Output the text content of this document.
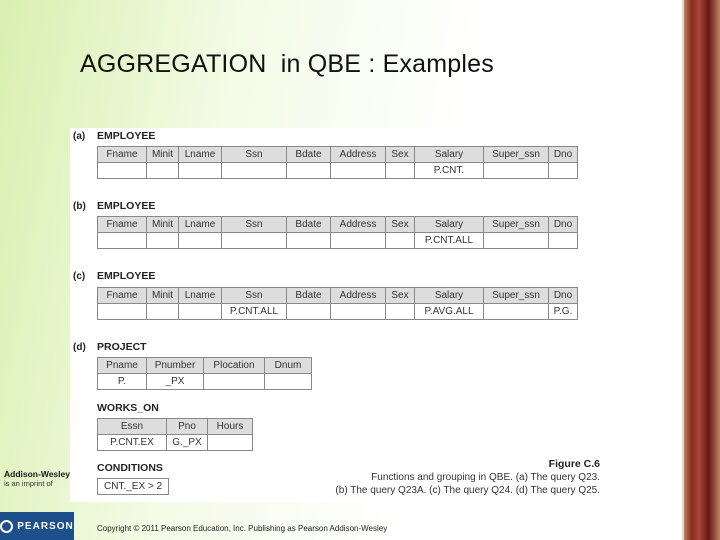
AGGREGATION  in QBE : Examples
(a) EMPLOYEE
Fname	Minit	Lname	Ssn	Bdate	Address	Sex	Salary	Super_ssn	Dno
							P.CNT.		
(b) EMPLOYEE
Fname	Minit	Lname	Ssn	Bdate	Address	Sex	Salary	Super_ssn	Dno
							P.CNT.ALL		
(c) EMPLOYEE
Fname	Minit	Lname	Ssn	Bdate	Address	Sex	Salary	Super_ssn	Dno
			P.CNT.ALL				P.AVG.ALL		P.G.
(d) PROJECT
Pname	Pnumber	Plocation	Dnum
P.	_PX		
WORKS_ON
Essn	Pno	Hours
P.CNT.EX	G._PX	
CONDITIONS
CNT._EX > 2
Figure C.6
Functions and grouping in QBE. (a) The query Q23.
(b) The query Q23A. (c) The query Q24. (d) The query Q25.
Addison-Wesley
is an imprint of
PEARSON	Copyright © 2011 Pearson Education, Inc. Publishing as Pearson Addison-Wesley
